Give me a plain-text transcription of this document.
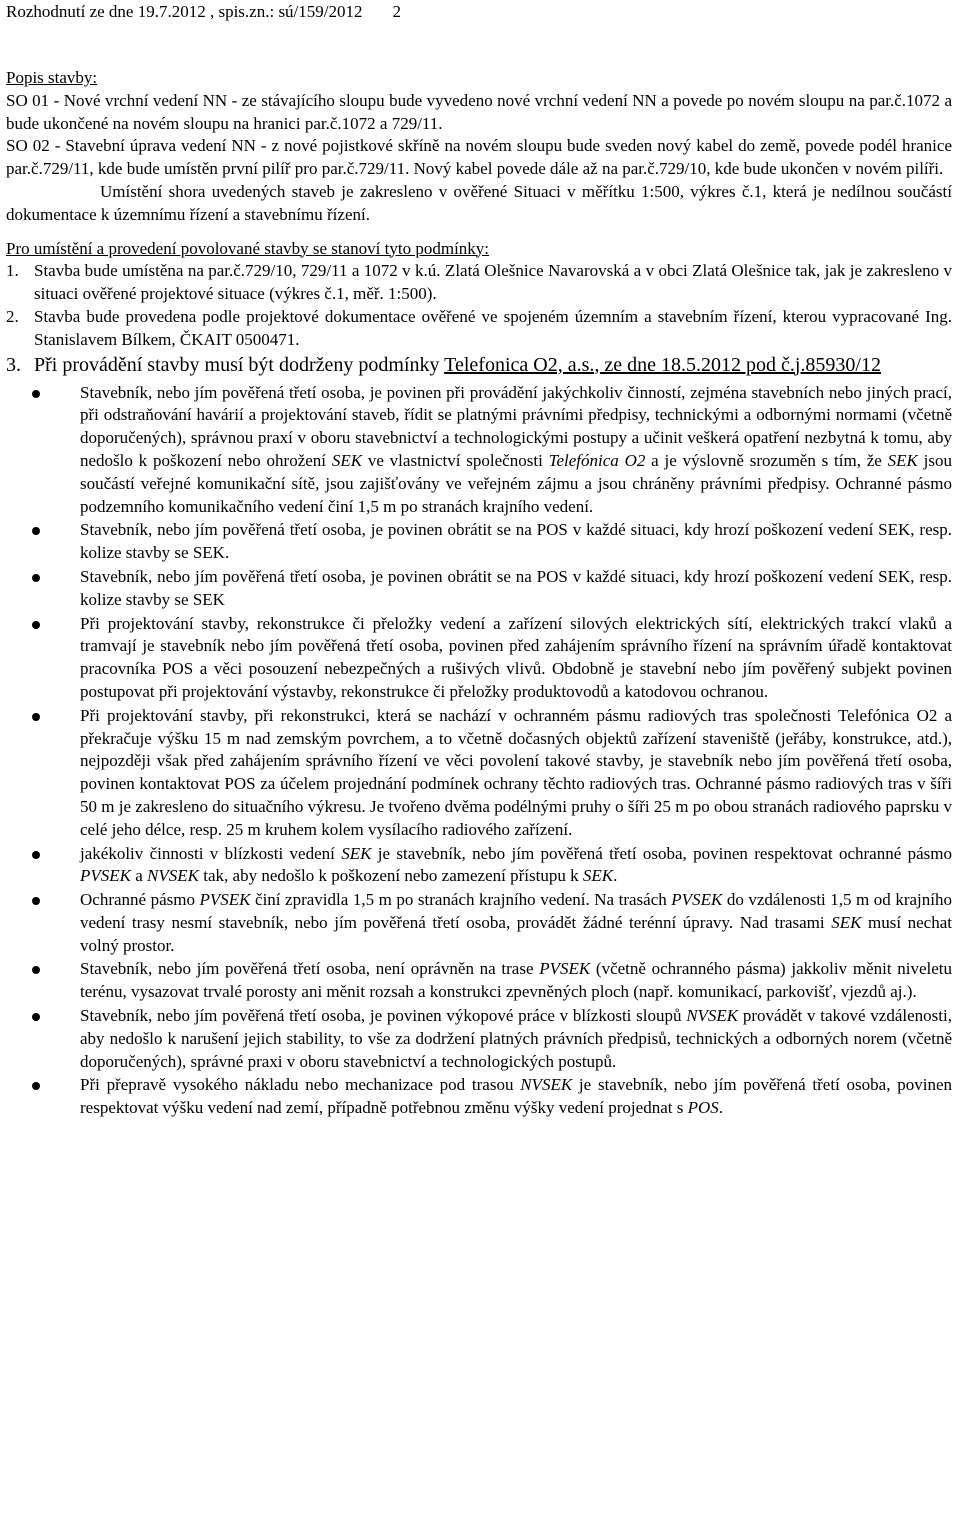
Rozhodnutí ze dne 19.7.2012 , spis.zn.: sú/159/2012 2

Popis stavby:

SO 01 - Nové vrchní vedení NN - ze stávajícího sloupu bude vyvedeno nové vrchní vedení NN a povede po novém sloupu na par.č.1072 a bude ukončené na novém sloupu na hranici par.č.1072 a 729/11.

SO 02 - Stavební úprava vedení NN - z nové pojistkové skříně na novém sloupu bude sveden nový kabel do země, povede podél hranice par.č.729/11, kde bude umístěn první pilíř pro par.č.729/11. Nový kabel povede dále až na par.č.729/10, kde bude ukončen v novém pilíři.

Umístění shora uvedených staveb je zakresleno v ověřené Situaci v měřítku 1:500, výkres č.1, která je nedílnou součástí dokumentace k územnímu řízení a stavebnímu řízení.

Pro umístění a provedení povolované stavby se stanoví tyto podmínky:

1. Stavba bude umístěna na par.č.729/10, 729/11 a 1072 v k.ú. Zlatá Olešnice Navarovská a v obci Zlatá Olešnice tak, jak je zakresleno v situaci ověřené projektové situace (výkres č.1, měř. 1:500).
2. Stavba bude provedena podle projektové dokumentace ověřené ve spojeném územním a stavebním řízení, kterou vypracované Ing. Stanislavem Bílkem, ČKAIT 0500471.
3. Při provádění stavby musí být dodrženy podmínky Telefonica O2, a.s., ze dne 18.5.2012 pod č.j.85930/12
Stavebník, nebo jím pověřená třetí osoba, je povinen při provádění jakýchkoliv činností, zejména stavebních nebo jiných prací, při odstraňování havárií a projektování staveb, řídit se platnými právními předpisy, technickými a odbornými normami (včetně doporučených), správnou praxí v oboru stavebnictví a technologickými postupy a učinit veškerá opatření nezbytná k tomu, aby nedošlo k poškození nebo ohrožení SEK ve vlastnictví společnosti Telefónica O2 a je výslovně srozuměn s tím, že SEK jsou součástí veřejné komunikační sítě, jsou zajišťovány ve veřejném zájmu a jsou chráněny právními předpisy. Ochranné pásmo podzemního komunikačního vedení činí 1,5 m po stranách krajního vedení.
Stavebník, nebo jím pověřená třetí osoba, je povinen obrátit se na POS v každé situaci, kdy hrozí poškození vedení SEK, resp. kolize stavby se SEK.
Stavebník, nebo jím pověřená třetí osoba, je povinen obrátit se na POS v každé situaci, kdy hrozí poškození vedení SEK, resp. kolize stavby se SEK
Při projektování stavby, rekonstrukce či přeložky vedení a zařízení silových elektrických sítí, elektrických trakcí vlaků a tramvají je stavebník nebo jím pověřená třetí osoba, povinen před zahájením správního řízení na správním úřadě kontaktovat pracovníka POS a věci posouzení nebezpečných a rušivých vlivů. Obdobně je stavební nebo jím pověřený subjekt povinen postupovat při projektování výstavby, rekonstrukce či přeložky produktovodů a katodovou ochranou.
Při projektování stavby, při rekonstrukci, která se nachází v ochranném pásmu radiových tras společnosti Telefónica O2 a překračuje výšku 15 m nad zemským povrchem, a to včetně dočasných objektů zařízení staveniště (jeřáby, konstrukce, atd.), nejpozději však před zahájením správního řízení ve věci povolení takové stavby, je stavebník nebo jím pověřená třetí osoba, povinen kontaktovat POS za účelem projednání podmínek ochrany těchto radiových tras. Ochranné pásmo radiových tras v šíři 50 m je zakresleno do situačního výkresu. Je tvořeno dvěma podélnými pruhy o šíři 25 m po obou stranách radiového paprsku v celé jeho délce, resp. 25 m kruhem kolem vysílacího radiového zařízení.
jakékoliv činnosti v blízkosti vedení SEK je stavebník, nebo jím pověřená třetí osoba, povinen respektovat ochranné pásmo PVSEK a NVSEK tak, aby nedošlo k poškození nebo zamezení přístupu k SEK.
Ochranné pásmo PVSEK činí zpravidla 1,5 m po stranách krajního vedení. Na trasách PVSEK do vzdálenosti 1,5 m od krajního vedení trasy nesmí stavebník, nebo jím pověřená třetí osoba, provádět žádné terénní úpravy. Nad trasami SEK musí nechat volný prostor.
Stavebník, nebo jím pověřená třetí osoba, není oprávněn na trase PVSEK (včetně ochranného pásma) jakkoliv měnit niveletu terénu, vysazovat trvalé porosty ani měnit rozsah a konstrukci zpevněných ploch (např. komunikací, parkovišť, vjezdů aj.).
Stavebník, nebo jím pověřená třetí osoba, je povinen výkopové práce v blízkosti sloupů NVSEK provádět v takové vzdálenosti, aby nedošlo k narušení jejich stability, to vše za dodržení platných právních předpisů, technických a odborných norem (včetně doporučených), správné praxi v oboru stavebnictví a technologických postupů.
Při přepravě vysokého nákladu nebo mechanizace pod trasou NVSEK je stavebník, nebo jím pověřená třetí osoba, povinen respektovat výšku vedení nad zemí, případně potřebnou změnu výšky vedení projednat s POS.
